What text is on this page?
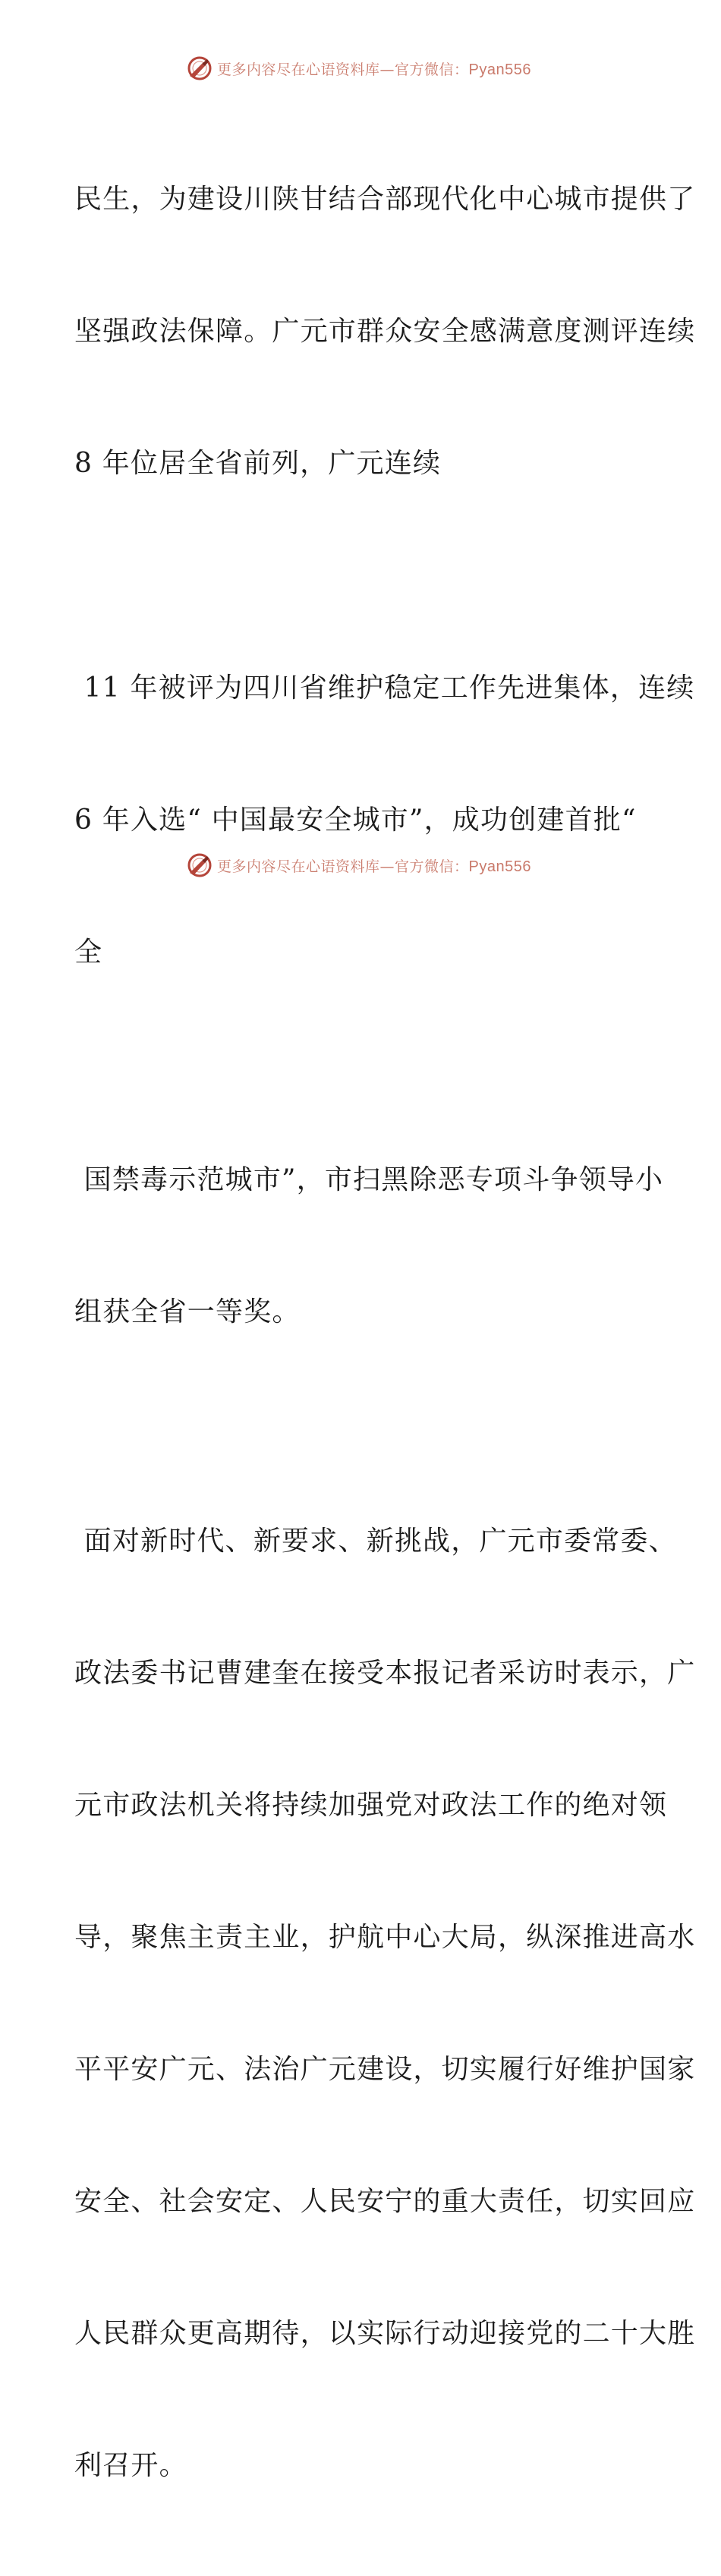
更多内容尽在心语资料库—官方微信：Pyan556

民生，为建设川陕甘结合部现代化中心城市提供了

坚强政法保障。广元市群众安全感满意度测评连续

8 年位居全省前列，广元连续

11 年被评为四川省维护稳定工作先进集体，连续

6 年入选“ 中国最安全城市”，成功创建首批“

全

国禁毒示范城市”，市扫黑除恶专项斗争领导小

组获全省一等奖。

面对新时代、新要求、新挑战，广元市委常委、

政法委书记曹建奎在接受本报记者采访时表示，广

元市政法机关将持续加强党对政法工作的绝对领

导，聚焦主责主业，护航中心大局，纵深推进高水

平平安广元、法治广元建设，切实履行好维护国家

安全、社会安定、人民安宁的重大责任，切实回应

人民群众更高期待，以实际行动迎接党的二十大胜

利召开。

更多内容尽在心语资料库—官方微信：Pyan556
